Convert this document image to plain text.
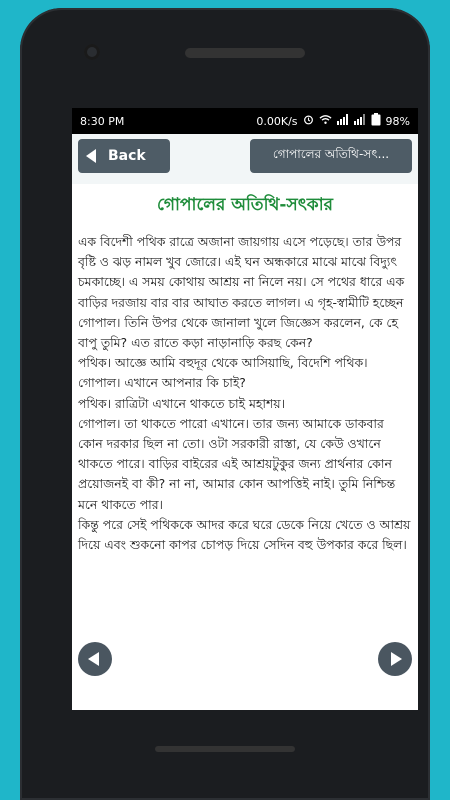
8:30 PM	0.00K/s	98%
Back	গোপালের অতিথি-সৎ...
গোপালের অতিথি-সৎকার

এক বিদেশী পথিক রাত্রে অজানা জায়গায় এসে পড়েছে। তার উপর বৃষ্টি ও ঝড় নামল খুব জোরে। এই ঘন অন্ধকারে মাঝে মাঝে বিদ্যুৎ চমকাচ্ছে। এ সময় কোথায় আশ্রয় না নিলে নয়। সে পথের ধারে এক বাড়ির দরজায় বার বার আঘাত করতে লাগল। এ গৃহ-স্বামীটি হচ্ছেন গোপাল। তিনি উপর থেকে জানালা খুলে জিজ্ঞেস করলেন, কে হে বাপু তুমি? এত রাতে কড়া নাড়ানাড়ি করছ কেন?

পথিক। আজ্ঞে আমি বহুদূর থেকে আসিয়াছি, বিদেশি পথিক।

গোপাল। এখানে আপনার কি চাই?

পথিক। রাত্রিটা এখানে থাকতে চাই মহাশয়।

গোপাল। তা থাকতে পারো এখানে। তার জন্য আমাকে ডাকবার কোন দরকার ছিল না তো। ওটা সরকারী রাস্তা, যে কেউ ওখানে থাকতে পারে। বাড়ির বাইরের এই আশ্রয়টুকুর জন্য প্রার্থনার কোন প্রয়োজনই বা কী? না না, আমার কোন আপত্তিই নাই। তুমি নিশ্চিন্ত মনে থাকতে পার।

কিন্তু পরে সেই পথিককে আদর করে ঘরে ডেকে নিয়ে খেতে ও আশ্রয় দিয়ে এবং শুকনো কাপর চোপড় দিয়ে সেদিন বহু উপকার করে ছিল।
